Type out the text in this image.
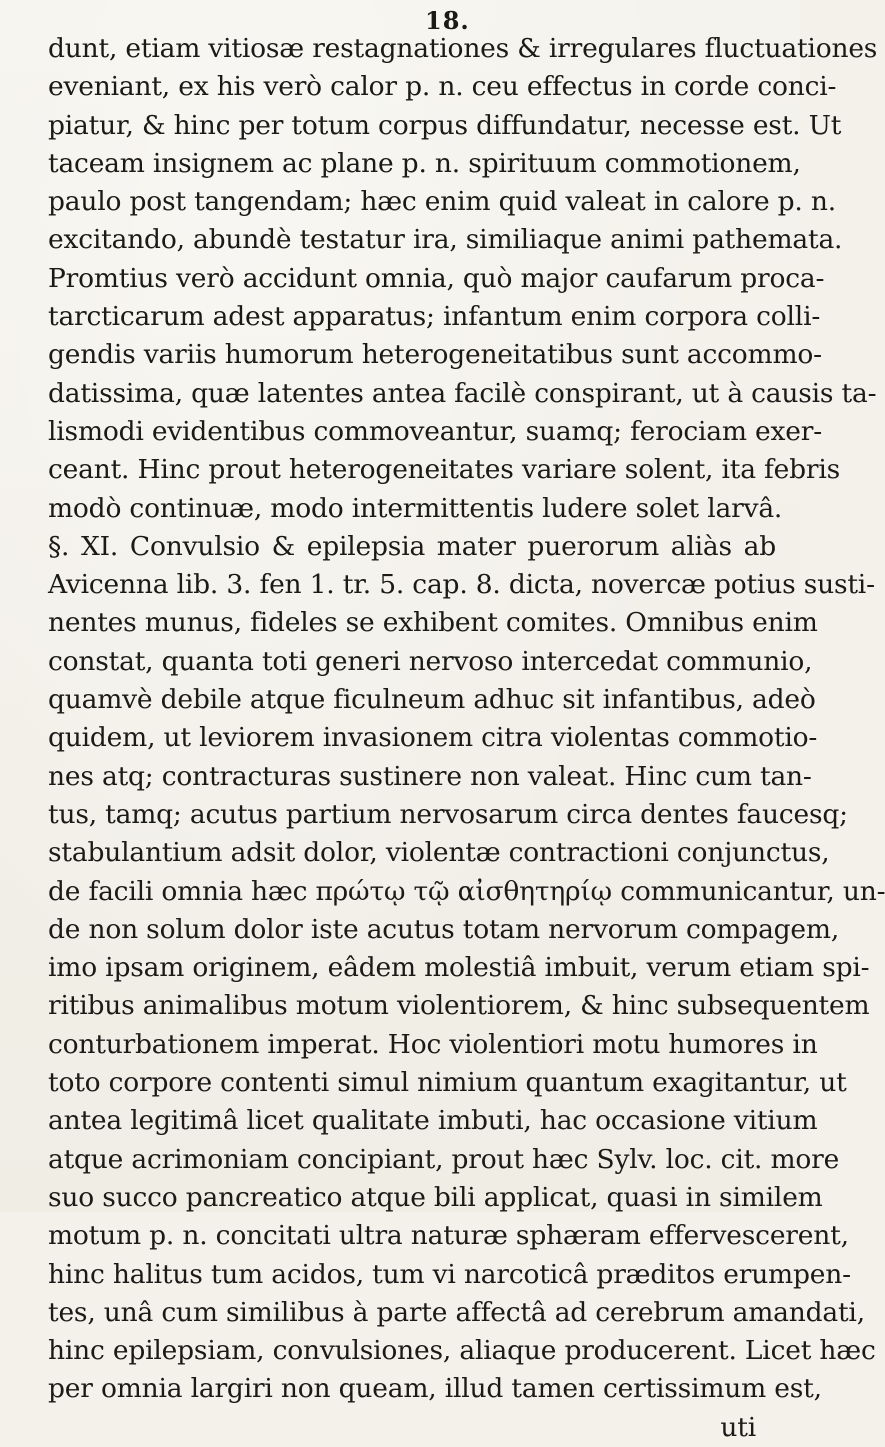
18.
dunt, etiam vitiosæ restagnationes & irregulares fluctuationes
eveniant, ex his verò calor p. n. ceu effectus in corde conci-
piatur, & hinc per totum corpus diffundatur, necesse est. Ut
taceam insignem ac plane p. n. spirituum commotionem,
paulo post tangendam; hæc enim quid valeat in calore p. n.
excitando, abundè testatur ira, similiaque animi pathemata.
Promtius verò accidunt omnia, quò major caufarum proca-
tarcticarum adest apparatus; infantum enim corpora colli-
gendis variis humorum heterogeneitatibus sunt accommo-
datissima, quæ latentes antea facilè conspirant, ut à causis ta-
lismodi evidentibus commoveantur, suamq; ferociam exer-
ceant. Hinc prout heterogeneitates variare solent, ita febris
modò continuæ, modo intermittentis ludere solet larvâ.
§. XI. Convulsio & epilepsia mater puerorum aliàs ab
Avicenna lib. 3. fen 1. tr. 5. cap. 8. dicta, novercæ potius susti-
nentes munus, fideles se exhibent comites. Omnibus enim
constat, quanta toti generi nervoso intercedat communio,
quamvè debile atque ficulneum adhuc sit infantibus, adeò
quidem, ut leviorem invasionem citra violentas commotio-
nes atq; contracturas sustinere non valeat. Hinc cum tan-
tus, tamq; acutus partium nervosarum circa dentes faucesq;
stabulantium adsit dolor, violentæ contractioni conjunctus,
de facili omnia hæc πρώτῳ τῷ αἰσθητηρίῳ communicantur, un-
de non solum dolor iste acutus totam nervorum compagem,
imo ipsam originem, eâdem molestiâ imbuit, verum etiam spi-
ritibus animalibus motum violentiorem, & hinc subsequentem
conturbationem imperat. Hoc violentiori motu humores in
toto corpore contenti simul nimium quantum exagitantur, ut
antea legitimâ licet qualitate imbuti, hac occasione vitium
atque acrimoniam concipiant, prout hæc Sylv. loc. cit. more
suo succo pancreatico atque bili applicat, quasi in similem
motum p. n. concitati ultra naturæ sphæram effervescerent,
hinc halitus tum acidos, tum vi narcoticâ præditos erumpen-
tes, unâ cum similibus à parte affectâ ad cerebrum amandati,
hinc epilepsiam, convulsiones, aliaque producerent. Licet hæc
per omnia largiri non queam, illud tamen certissimum est,
uti
